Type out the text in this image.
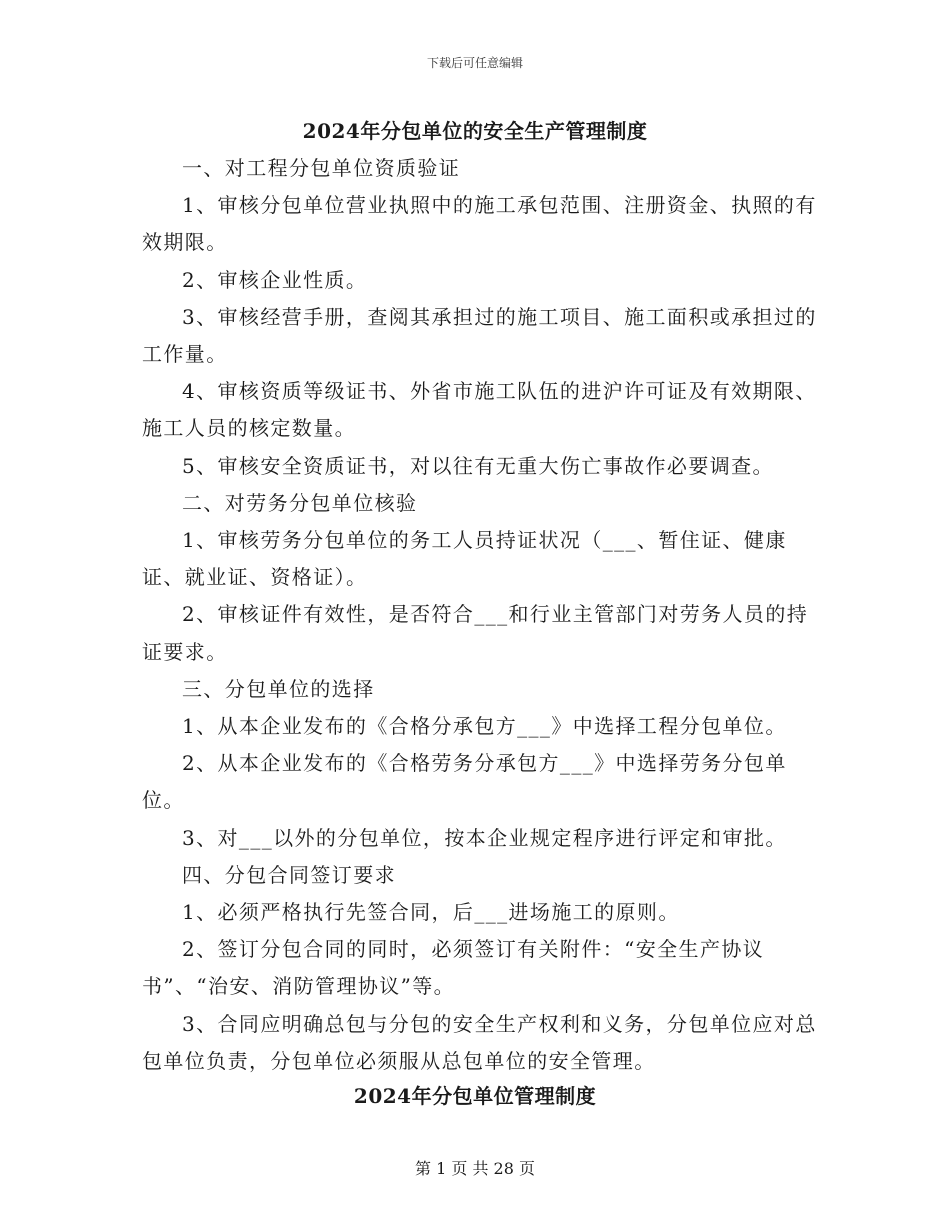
下载后可任意编辑
2024年分包单位的安全生产管理制度

一、对工程分包单位资质验证

1、审核分包单位营业执照中的施工承包范围、注册资金、执照的有效期限。

2、审核企业性质。

3、审核经营手册，查阅其承担过的施工项目、施工面积或承担过的工作量。

4、审核资质等级证书、外省市施工队伍的进沪许可证及有效期限、施工人员的核定数量。

5、审核安全资质证书，对以往有无重大伤亡事故作必要调查。

二、对劳务分包单位核验

1、审核劳务分包单位的务工人员持证状况（___、暂住证、健康证、就业证、资格证）。

2、审核证件有效性，是否符合___和行业主管部门对劳务人员的持证要求。

三、分包单位的选择

1、从本企业发布的《合格分承包方___》中选择工程分包单位。

2、从本企业发布的《合格劳务分承包方___》中选择劳务分包单位。

3、对___以外的分包单位，按本企业规定程序进行评定和审批。

四、分包合同签订要求

1、必须严格执行先签合同，后___进场施工的原则。

2、签订分包合同的同时，必须签订有关附件：“安全生产协议书”、“治安、消防管理协议”等。

3、合同应明确总包与分包的安全生产权利和义务，分包单位应对总包单位负责，分包单位必须服从总包单位的安全管理。

2024年分包单位管理制度
第 1 页 共 28 页
